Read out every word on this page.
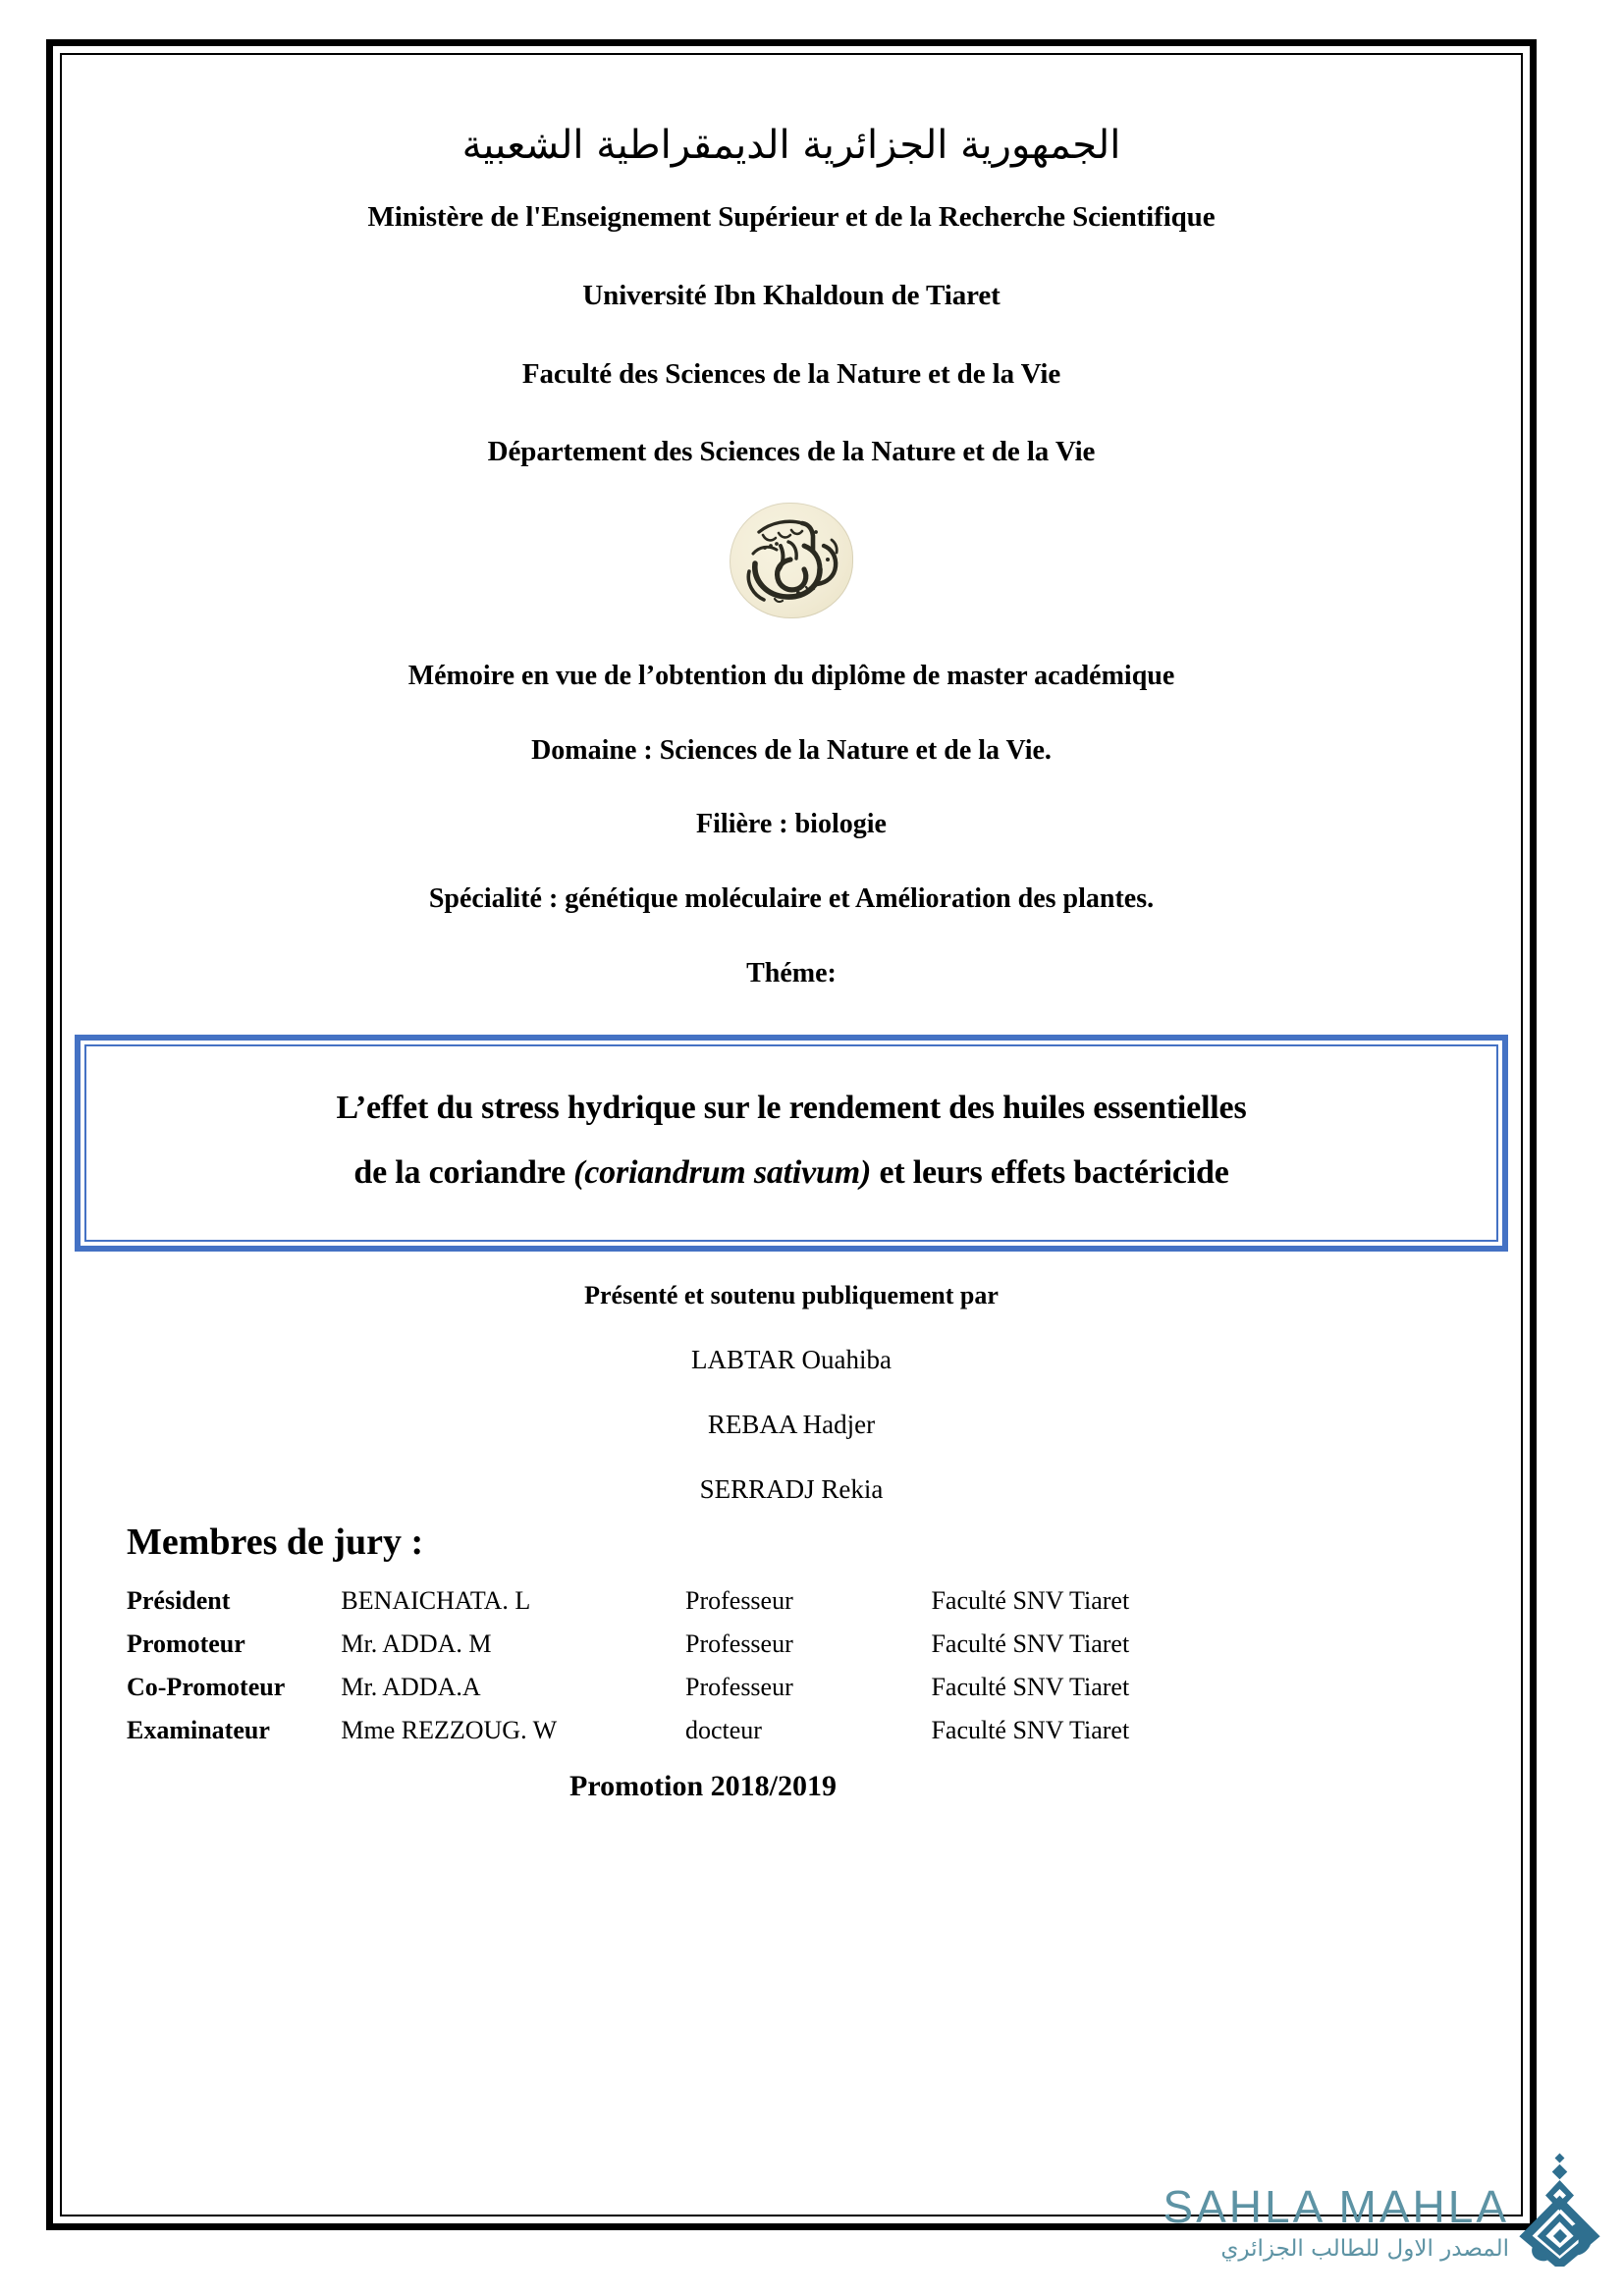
الجمهورية الجزائرية الديمقراطية الشعبية
Ministère de l'Enseignement Supérieur et de la Recherche Scientifique
Université Ibn Khaldoun de Tiaret
Faculté des Sciences de la Nature et de la Vie
Département des Sciences de la Nature et de la Vie
Mémoire en vue de l’obtention du diplôme de master académique
Domaine : Sciences de la Nature et de la Vie.
Filière : biologie
Spécialité : génétique moléculaire et Amélioration des plantes.
Théme:
L’effet du stress hydrique sur le rendement des huiles essentielles
de la coriandre (coriandrum sativum) et leurs effets bactéricide
Présenté et soutenu publiquement par
LABTAR Ouahiba
REBAA Hadjer
SERRADJ Rekia
Membres de jury :
Président	BENAICHATA. L	Professeur	Faculté SNV Tiaret
Promoteur	Mr. ADDA. M	Professeur	Faculté SNV Tiaret
Co-Promoteur	Mr. ADDA.A	Professeur	Faculté SNV Tiaret
Examinateur	Mme REZZOUG. W	docteur	Faculté SNV Tiaret
Promotion 2018/2019
SAHLA MAHLA
المصدر الاول للطالب الجزائري
